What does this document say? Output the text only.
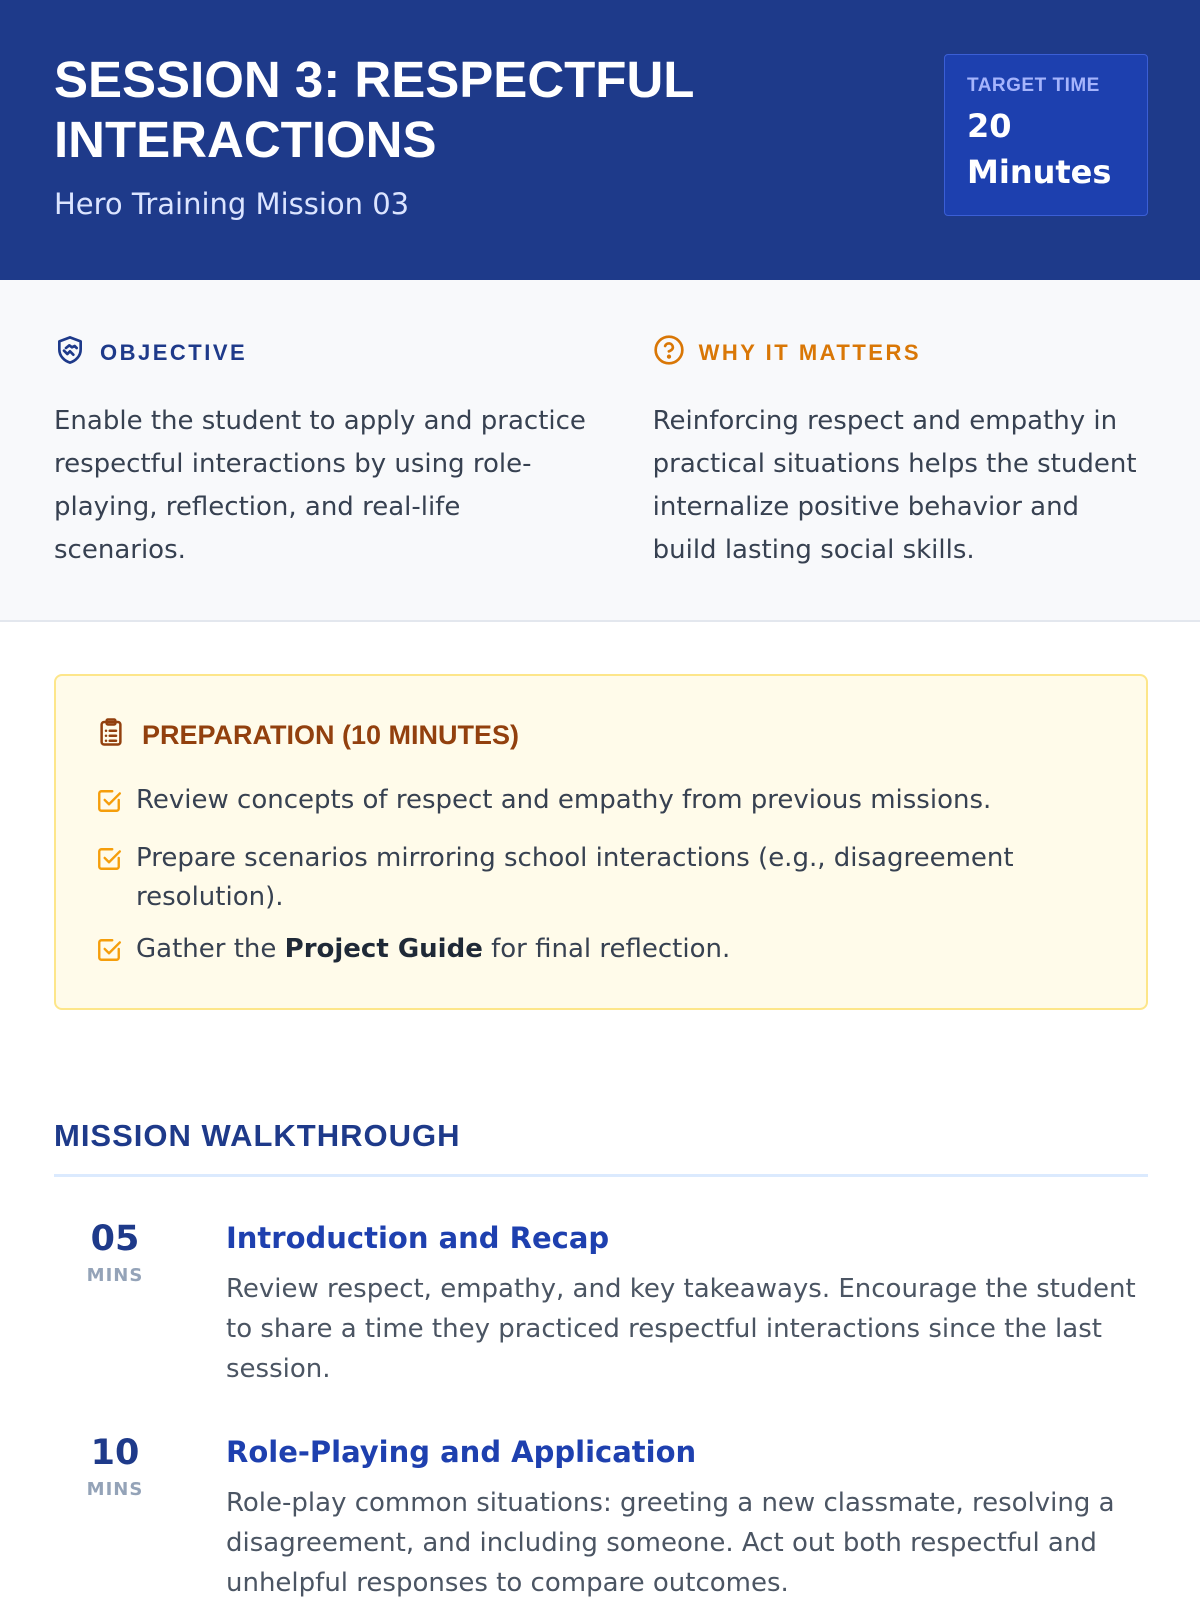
SESSION 3: RESPECTFUL INTERACTIONS
Hero Training Mission 03
TARGET TIME
20 Minutes
OBJECTIVE
Enable the student to apply and practice respectful interactions by using role-playing, reflection, and real-life scenarios.
WHY IT MATTERS
Reinforcing respect and empathy in practical situations helps the student internalize positive behavior and build lasting social skills.
PREPARATION (10 MINUTES)
Review concepts of respect and empathy from previous missions.
Prepare scenarios mirroring school interactions (e.g., disagreement resolution).
Gather the Project Guide for final reflection.
MISSION WALKTHROUGH
05
MINS
Introduction and Recap
Review respect, empathy, and key takeaways. Encourage the student to share a time they practiced respectful interactions since the last session.
10
MINS
Role-Playing and Application
Role-play common situations: greeting a new classmate, resolving a disagreement, and including someone. Act out both respectful and unhelpful responses to compare outcomes.
